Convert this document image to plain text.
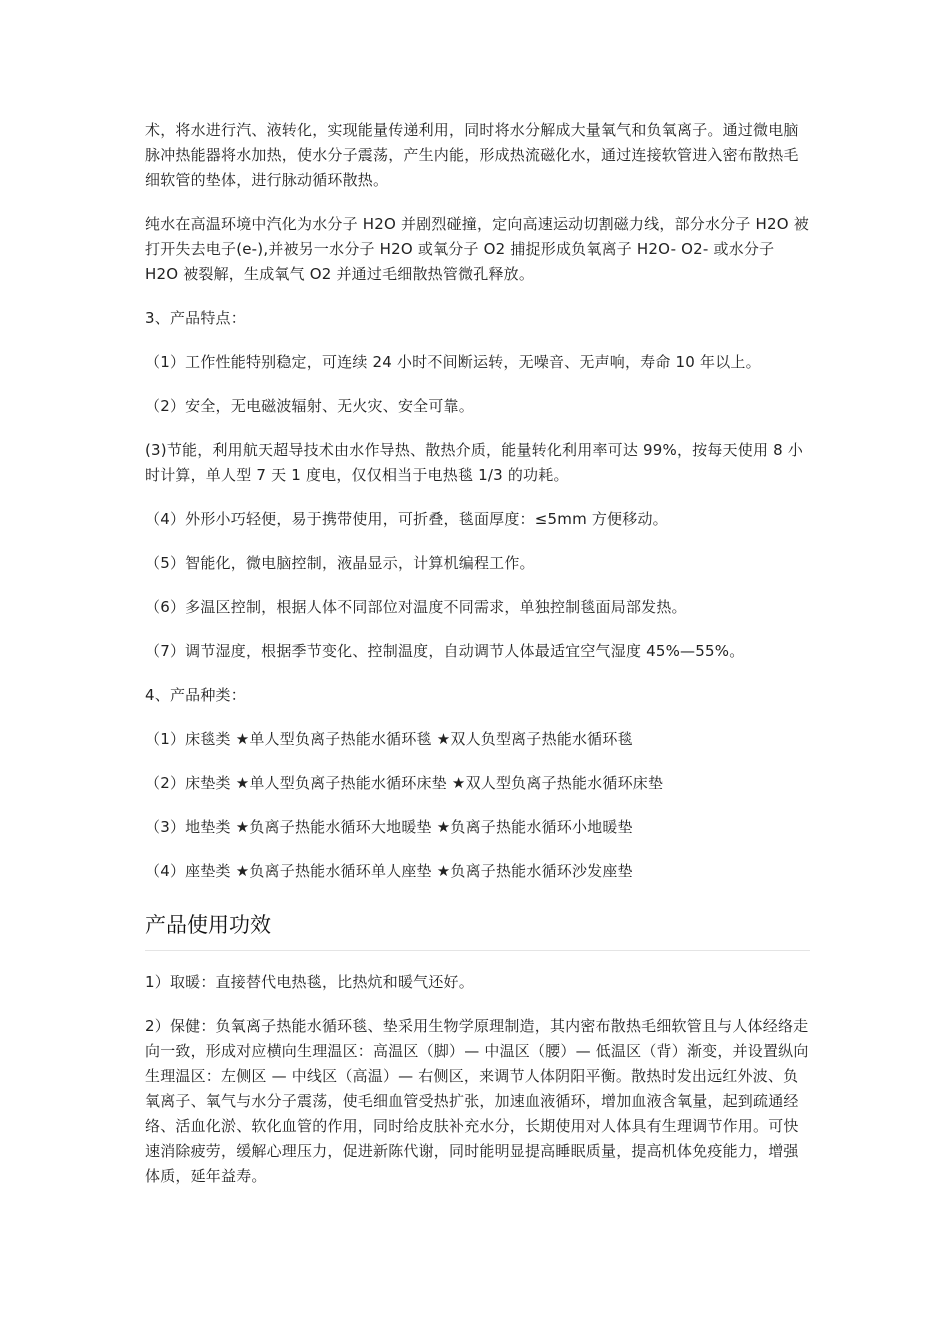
术，将水进行汽、液转化，实现能量传递利用，同时将水分解成大量氧气和负氧离子。通过微电脑脉冲热能器将水加热，使水分子震荡，产生内能，形成热流磁化水，通过连接软管进入密布散热毛细软管的垫体，进行脉动循环散热。

纯水在高温环境中汽化为水分子 H2O 并剧烈碰撞，定向高速运动切割磁力线，部分水分子 H2O 被打开失去电子(e-),并被另一水分子 H2O 或氧分子 O2 捕捉形成负氧离子 H2O- O2- 或水分子 H2O 被裂解，生成氧气 O2 并通过毛细散热管微孔释放。

3、产品特点：

（1）工作性能特别稳定，可连续 24 小时不间断运转，无噪音、无声响，寿命 10 年以上。

（2）安全，无电磁波辐射、无火灾、安全可靠。

(3)节能，利用航天超导技术由水作导热、散热介质，能量转化利用率可达 99%，按每天使用 8 小时计算，单人型 7 天 1 度电，仅仅相当于电热毯 1/3 的功耗。

（4）外形小巧轻便，易于携带使用，可折叠，毯面厚度：≤5mm 方便移动。

（5）智能化，微电脑控制，液晶显示，计算机编程工作。

（6）多温区控制，根据人体不同部位对温度不同需求，单独控制毯面局部发热。

（7）调节湿度，根据季节变化、控制温度，自动调节人体最适宜空气湿度 45%—55%。

4、产品种类：

（1）床毯类 ★单人型负离子热能水循环毯 ★双人负型离子热能水循环毯

（2）床垫类 ★单人型负离子热能水循环床垫 ★双人型负离子热能水循环床垫

（3）地垫类 ★负离子热能水循环大地暖垫 ★负离子热能水循环小地暖垫

（4）座垫类 ★负离子热能水循环单人座垫 ★负离子热能水循环沙发座垫

产品使用功效

1）取暖：直接替代电热毯，比热炕和暖气还好。

2）保健：负氧离子热能水循环毯、垫采用生物学原理制造，其内密布散热毛细软管且与人体经络走向一致，形成对应横向生理温区：高温区（脚）— 中温区（腰）— 低温区（背）渐变，并设置纵向生理温区：左侧区 — 中线区（高温）— 右侧区，来调节人体阴阳平衡。散热时发出远红外波、负氧离子、氧气与水分子震荡，使毛细血管受热扩张，加速血液循环，增加血液含氧量，起到疏通经络、活血化淤、软化血管的作用，同时给皮肤补充水分，长期使用对人体具有生理调节作用。可快速消除疲劳，缓解心理压力，促进新陈代谢，同时能明显提高睡眠质量，提高机体免疫能力，增强体质，延年益寿。
